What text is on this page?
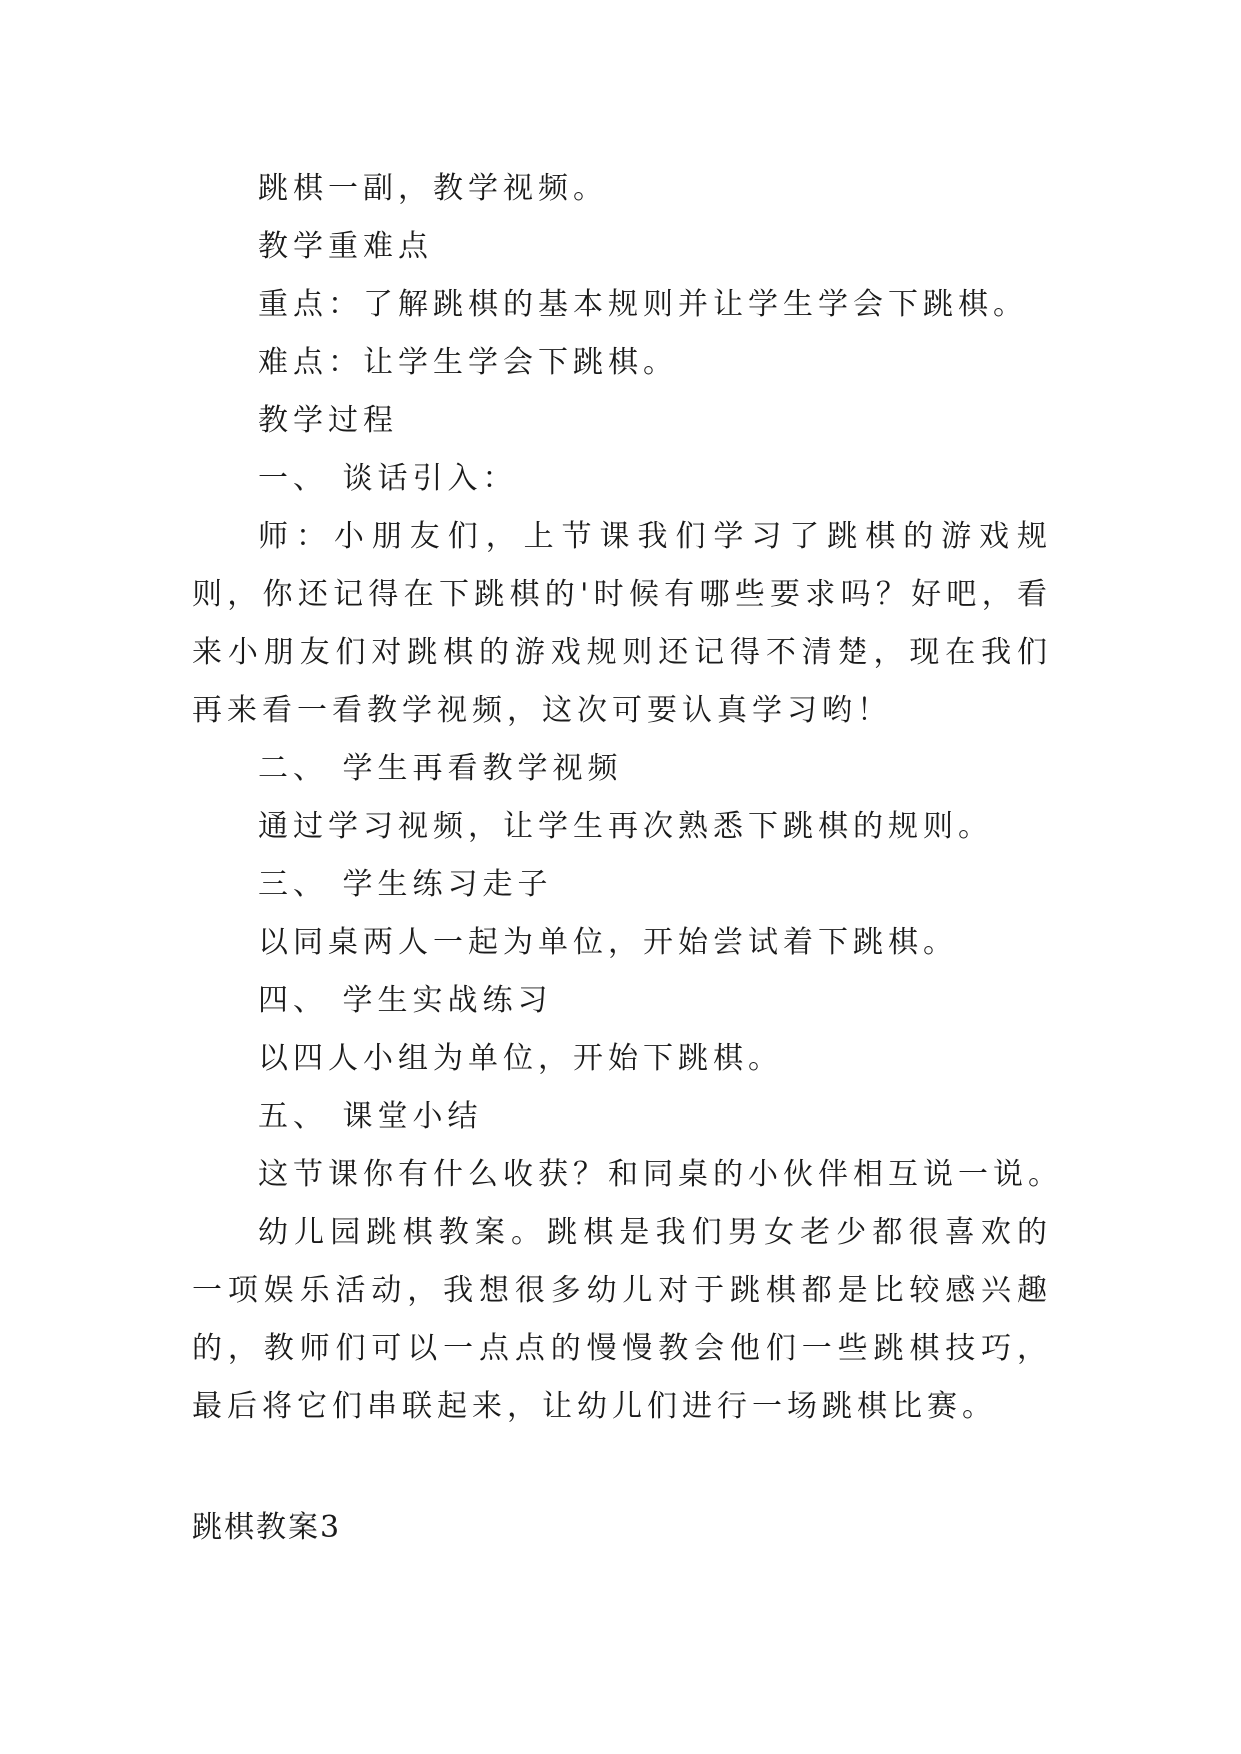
跳棋一副，教学视频。
教学重难点
重点：了解跳棋的基本规则并让学生学会下跳棋。
难点：让学生学会下跳棋。
教学过程
一、 谈话引入：

师：小朋友们，上节课我们学习了跳棋的游戏规则，你还记得在下跳棋的'时候有哪些要求吗？好吧，看来小朋友们对跳棋的游戏规则还记得不清楚，现在我们再来看一看教学视频，这次可要认真学习哟！

二、 学生再看教学视频
通过学习视频，让学生再次熟悉下跳棋的规则。
三、 学生练习走子
以同桌两人一起为单位，开始尝试着下跳棋。
四、 学生实战练习
以四人小组为单位，开始下跳棋。
五、 课堂小结
这节课你有什么收获？和同桌的小伙伴相互说一说。

幼儿园跳棋教案。跳棋是我们男女老少都很喜欢的一项娱乐活动，我想很多幼儿对于跳棋都是比较感兴趣的，教师们可以一点点的慢慢教会他们一些跳棋技巧，最后将它们串联起来，让幼儿们进行一场跳棋比赛。

跳棋教案3
